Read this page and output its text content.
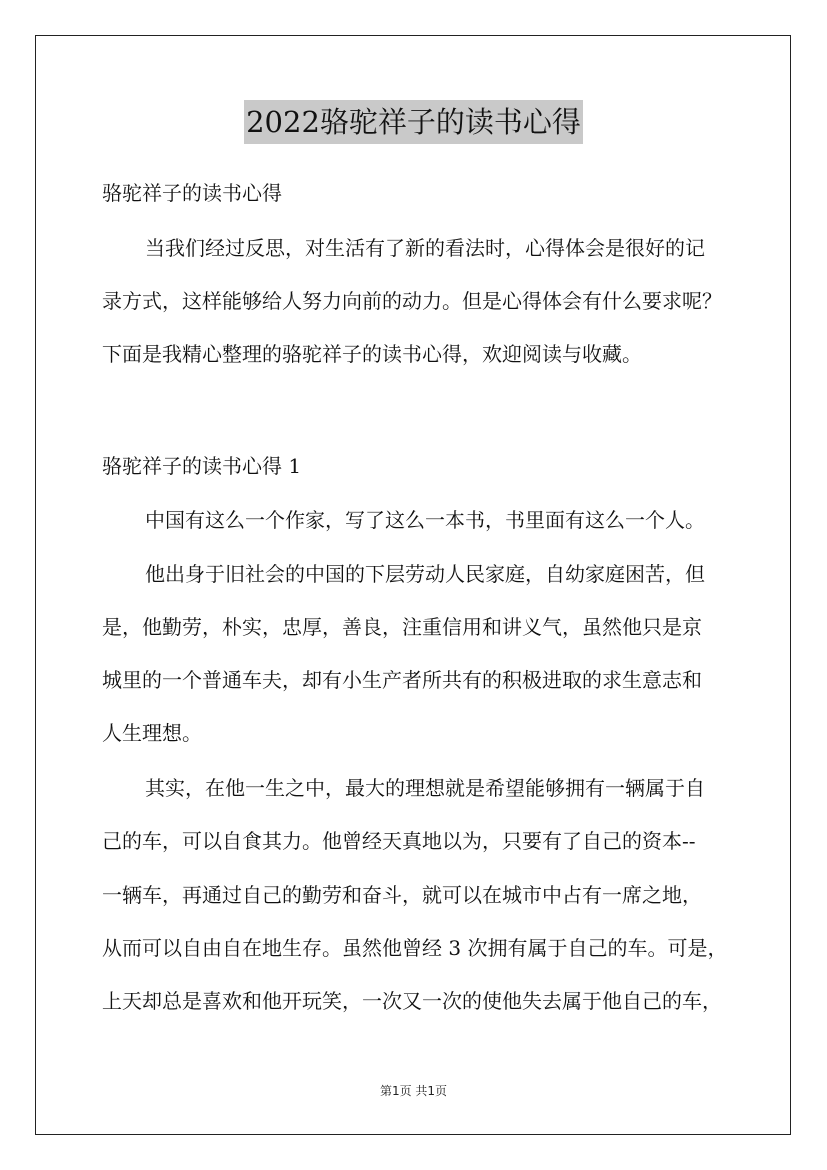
2022骆驼祥子的读书心得
骆驼祥子的读书心得
当我们经过反思，对生活有了新的看法时，心得体会是很好的记
录方式，这样能够给人努力向前的动力。但是心得体会有什么要求呢？
下面是我精心整理的骆驼祥子的读书心得，欢迎阅读与收藏。
骆驼祥子的读书心得 1
中国有这么一个作家，写了这么一本书，书里面有这么一个人。
他出身于旧社会的中国的下层劳动人民家庭，自幼家庭困苦，但
是，他勤劳，朴实，忠厚，善良，注重信用和讲义气，虽然他只是京
城里的一个普通车夫，却有小生产者所共有的积极进取的求生意志和
人生理想。
其实，在他一生之中，最大的理想就是希望能够拥有一辆属于自
己的车，可以自食其力。他曾经天真地以为，只要有了自己的资本--
一辆车，再通过自己的勤劳和奋斗，就可以在城市中占有一席之地，
从而可以自由自在地生存。虽然他曾经 3 次拥有属于自己的车。可是，
上天却总是喜欢和他开玩笑，一次又一次的使他失去属于他自己的车，
第1页 共1页
